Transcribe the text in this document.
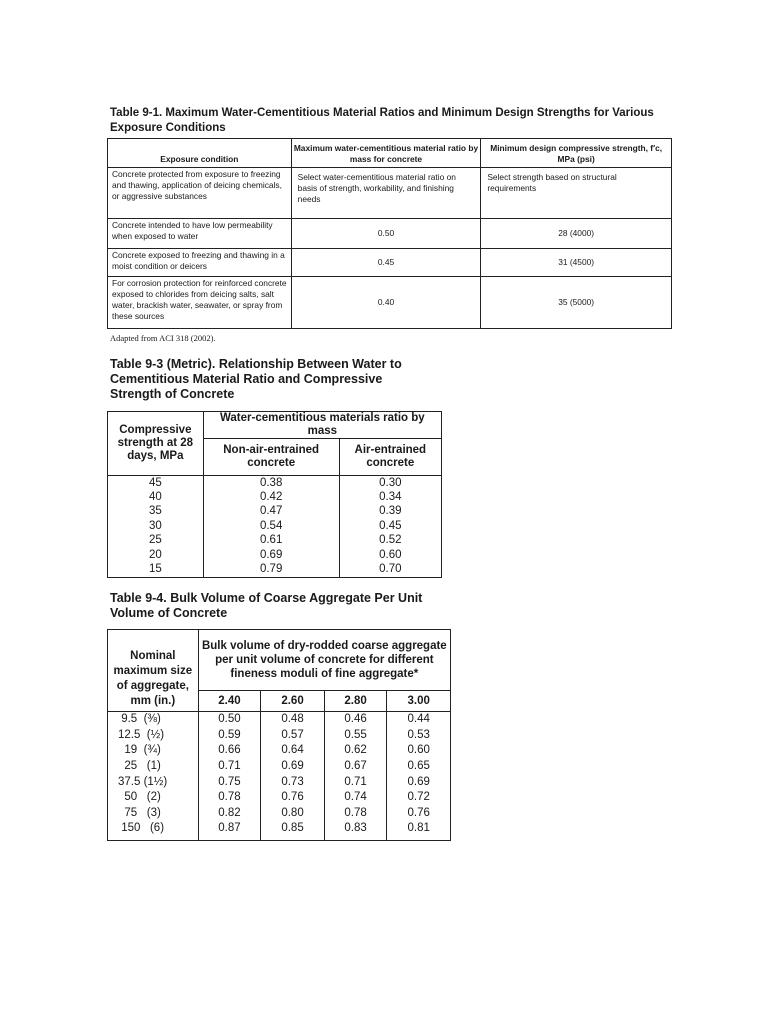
Table 9-1. Maximum Water-Cementitious Material Ratios and Minimum Design Strengths for Various Exposure Conditions

Exposure condition	Maximum water-cementitious material ratio by mass for concrete	Minimum design compressive strength, f′c, MPa (psi)
Concrete protected from exposure to freezing and thawing, application of deicing chemicals, or aggressive substances	Select water-cementitious material ratio on basis of strength, workability, and finishing needs	Select strength based on structural requirements
Concrete intended to have low permeability when exposed to water	0.50	28 (4000)
Concrete exposed to freezing and thawing in a moist condition or deicers	0.45	31 (4500)
For corrosion protection for reinforced concrete exposed to chlorides from deicing salts, salt water, brackish water, seawater, or spray from these sources	0.40	35 (5000)
Adapted from ACI 318 (2002).

Table 9-3 (Metric). Relationship Between Water to Cementitious Material Ratio and Compressive Strength of Concrete

Compressive strength at 28 days, MPa	Water-cementitious materials ratio by mass	
	Non-air-entrained concrete	Air-entrained concrete
45	0.38	0.30
40	0.42	0.34
35	0.47	0.39
30	0.54	0.45
25	0.61	0.52
20	0.69	0.60
15	0.79	0.70

Table 9-4. Bulk Volume of Coarse Aggregate Per Unit Volume of Concrete

Nominal maximum size of aggregate, mm (in.)	Bulk volume of dry-rodded coarse aggregate per unit volume of concrete for different fineness moduli of fine aggregate*			
	2.40	2.60	2.80	3.00
9.5  (⅜)	0.50	0.48	0.46	0.44
12.5  (½)	0.59	0.57	0.55	0.53
19  (¾)	0.66	0.64	0.62	0.60
25   (1)	0.71	0.69	0.67	0.65
37.5 (1½)	0.75	0.73	0.71	0.69
50   (2)	0.78	0.76	0.74	0.72
75   (3)	0.82	0.80	0.78	0.76
150   (6)	0.87	0.85	0.83	0.81
